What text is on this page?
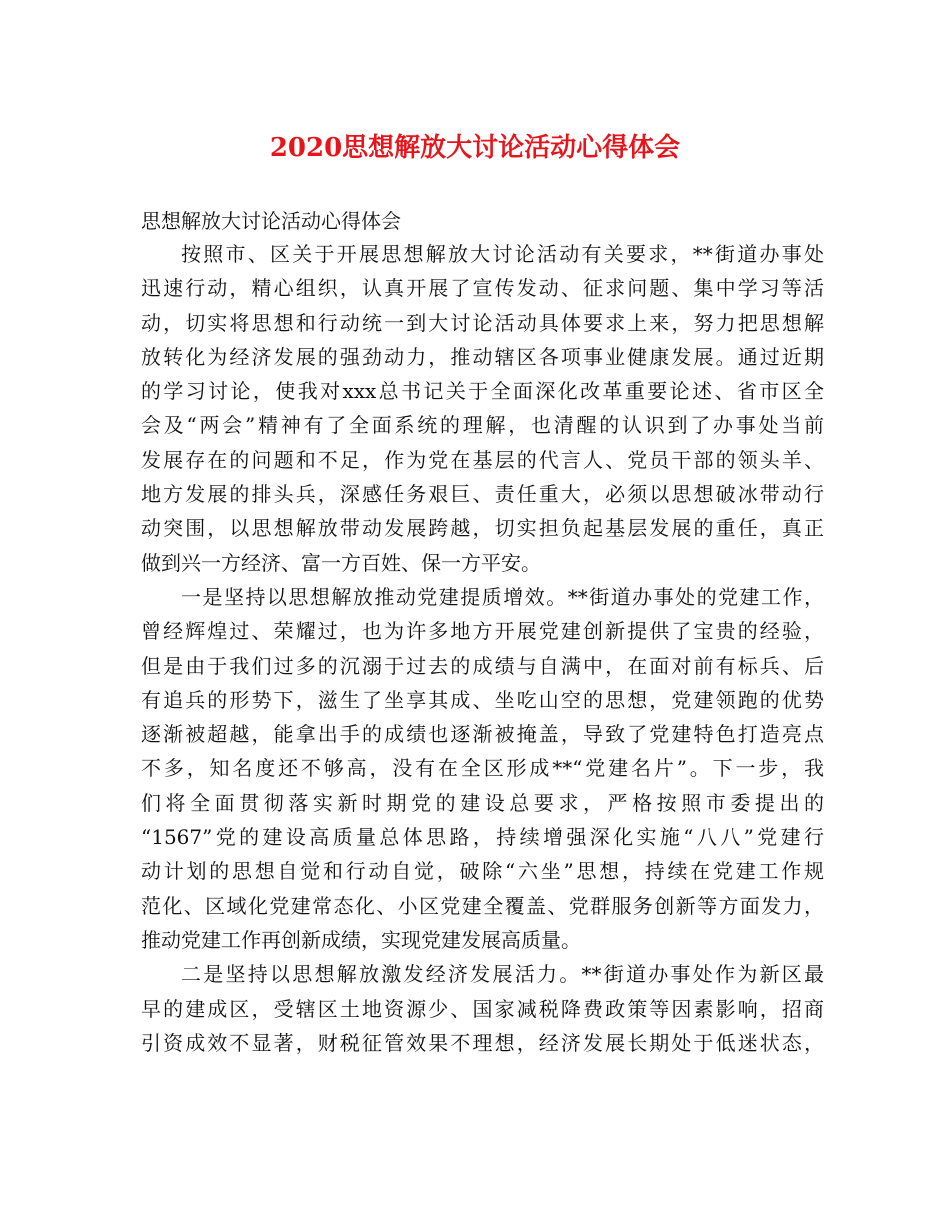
2020思想解放大讨论活动心得体会
思想解放大讨论活动心得体会
按照市、区关于开展思想解放大讨论活动有关要求，**街道办事处
迅速行动，精心组织，认真开展了宣传发动、征求问题、集中学习等活
动，切实将思想和行动统一到大讨论活动具体要求上来，努力把思想解
放转化为经济发展的强劲动力，推动辖区各项事业健康发展。通过近期
的学习讨论，使我对xxx总书记关于全面深化改革重要论述、省市区全
会及“两会”精神有了全面系统的理解，也清醒的认识到了办事处当前
发展存在的问题和不足，作为党在基层的代言人、党员干部的领头羊、
地方发展的排头兵，深感任务艰巨、责任重大，必须以思想破冰带动行
动突围，以思想解放带动发展跨越，切实担负起基层发展的重任，真正
做到兴一方经济、富一方百姓、保一方平安。
一是坚持以思想解放推动党建提质增效。**街道办事处的党建工作，
曾经辉煌过、荣耀过，也为许多地方开展党建创新提供了宝贵的经验，
但是由于我们过多的沉溺于过去的成绩与自满中，在面对前有标兵、后
有追兵的形势下，滋生了坐享其成、坐吃山空的思想，党建领跑的优势
逐渐被超越，能拿出手的成绩也逐渐被掩盖，导致了党建特色打造亮点
不多，知名度还不够高，没有在全区形成**“党建名片”。下一步，我
们将全面贯彻落实新时期党的建设总要求，严格按照市委提出的
“1567”党的建设高质量总体思路，持续增强深化实施“八八”党建行
动计划的思想自觉和行动自觉，破除“六坐”思想，持续在党建工作规
范化、区域化党建常态化、小区党建全覆盖、党群服务创新等方面发力，
推动党建工作再创新成绩，实现党建发展高质量。
二是坚持以思想解放激发经济发展活力。**街道办事处作为新区最
早的建成区，受辖区土地资源少、国家减税降费政策等因素影响，招商
引资成效不显著，财税征管效果不理想，经济发展长期处于低迷状态，
